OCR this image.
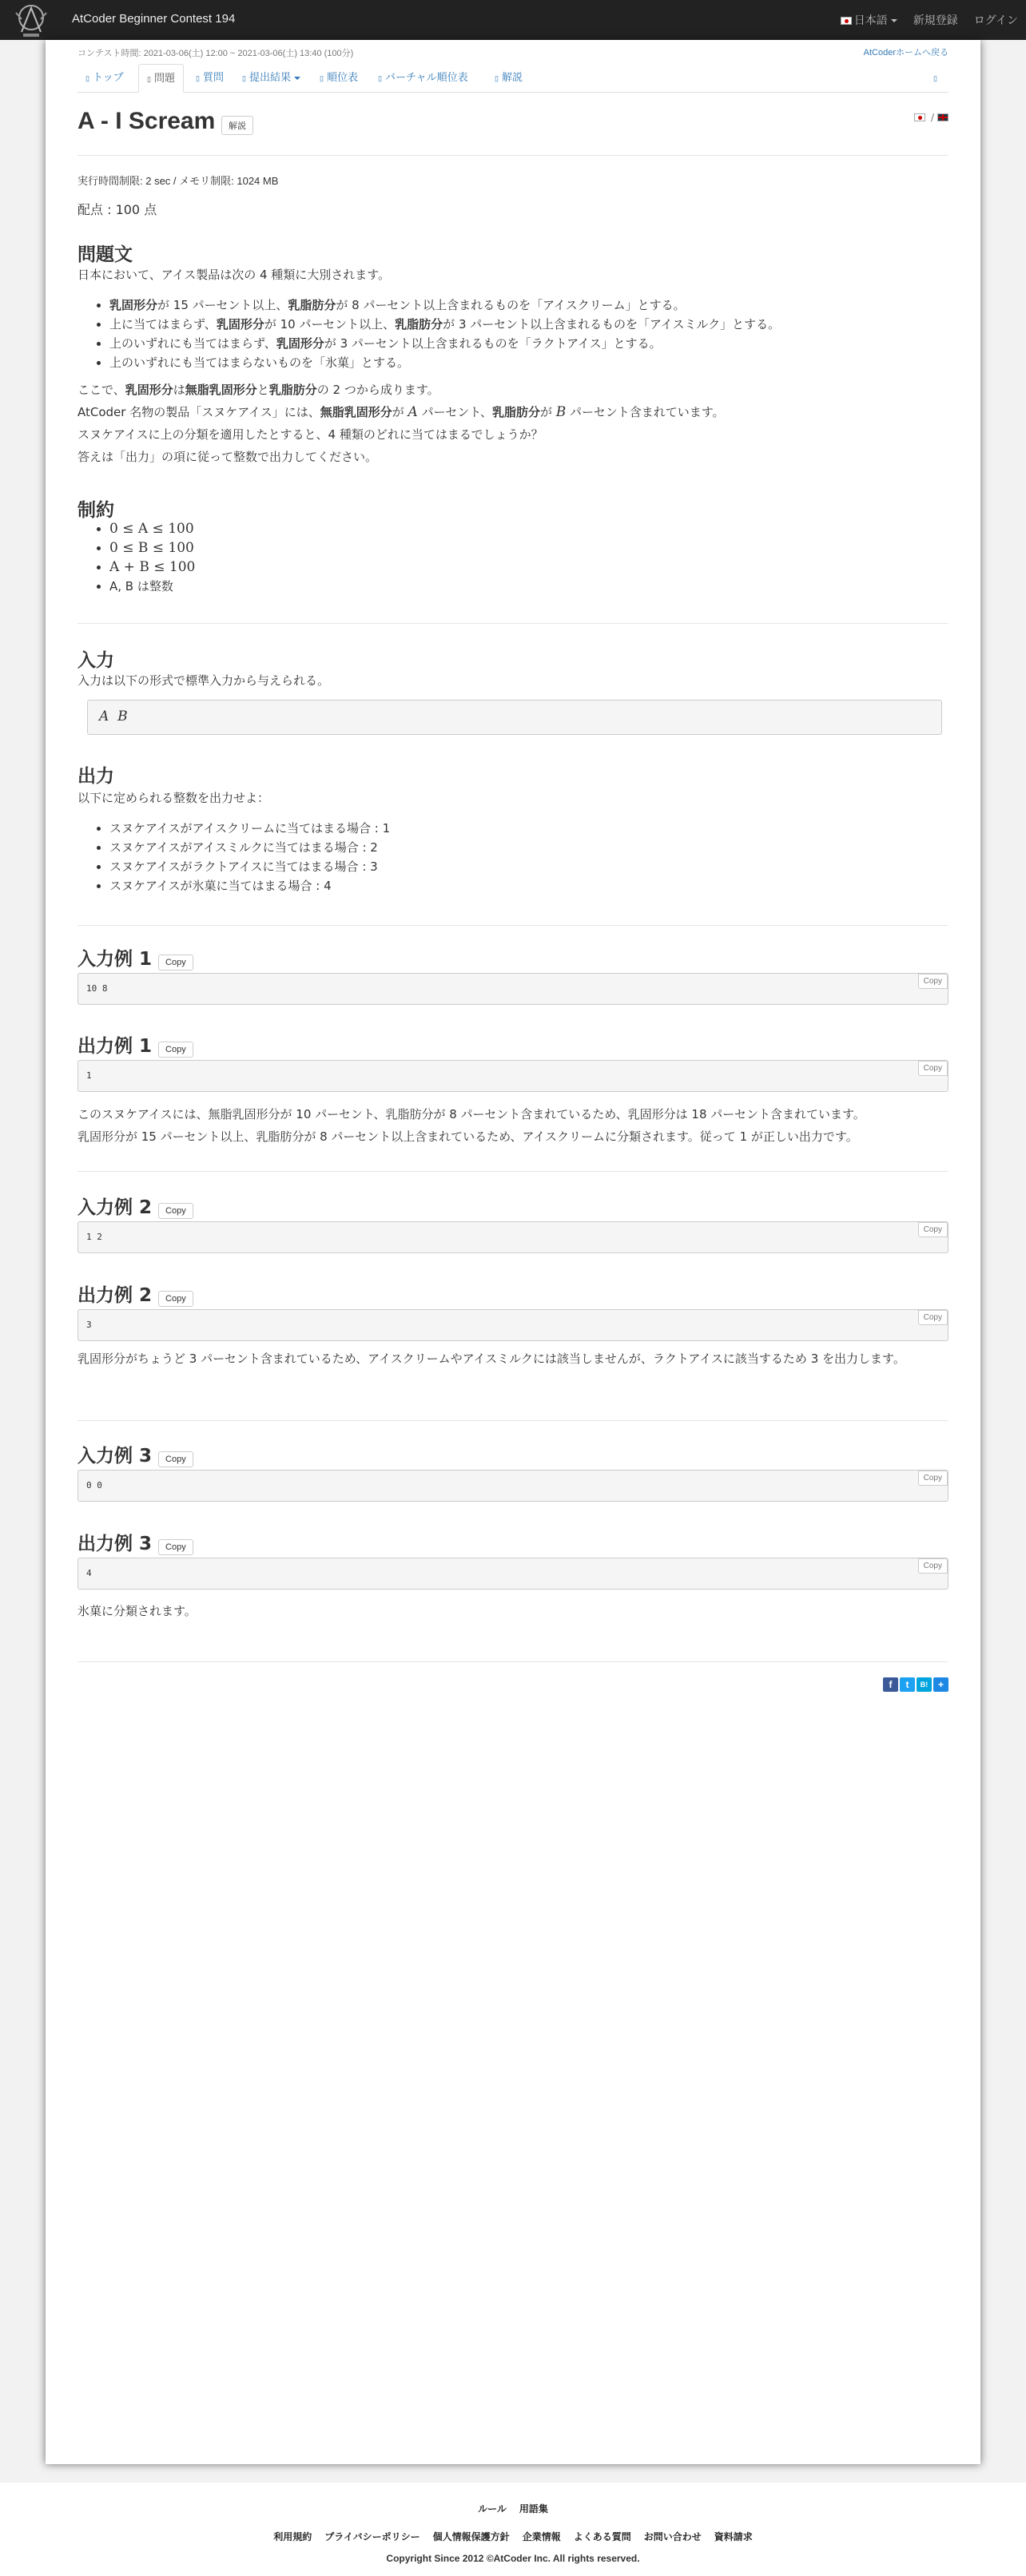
AtCoder Beginner Contest 194	日本語	新規登録 ログイン
コンテスト時間: 2021-03-06(土) 12:00 ~ 2021-03-06(土) 13:40 (100分)	AtCoderホームへ戻る
▯ トップ	▯ 問題	▯ 質問	▯ 提出結果	▯ 順位表	▯ バーチャル順位表	▯ 解説	▯
A - I Scream	解説
/
実行時間制限: 2 sec / メモリ制限: 1024 MB
配点 : 100 点
問題文
日本において、アイス製品は次の 4 種類に大別されます。
• 乳固形分が 15 パーセント以上、乳脂肪分が 8 パーセント以上含まれるものを「アイスクリーム」とする。
• 上に当てはまらず、乳固形分が 10 パーセント以上、乳脂肪分が 3 パーセント以上含まれるものを「アイスミルク」とする。
• 上のいずれにも当てはまらず、乳固形分が 3 パーセント以上含まれるものを「ラクトアイス」とする。
• 上のいずれにも当てはまらないものを「氷菓」とする。
ここで、乳固形分は無脂乳固形分と乳脂肪分の 2 つから成ります。
AtCoder 名物の製品「スヌケアイス」には、無脂乳固形分が A パーセント、乳脂肪分が B パーセント含まれています。
スヌケアイスに上の分類を適用したとすると、4 種類のどれに当てはまるでしょうか？
答えは「出力」の項に従って整数で出力してください。
制約
• 0 ≤ A ≤ 100
• 0 ≤ B ≤ 100
• A + B ≤ 100
• A, B は整数
入力
入力は以下の形式で標準入力から与えられる。
A  B
出力
以下に定められる整数を出力せよ：
• スヌケアイスがアイスクリームに当てはまる場合 : 1
• スヌケアイスがアイスミルクに当てはまる場合 : 2
• スヌケアイスがラクトアイスに当てはまる場合 : 3
• スヌケアイスが氷菓に当てはまる場合 : 4
入力例 1 Copy
10 8
Copy
出力例 1 Copy
1
Copy
このスヌケアイスには、無脂乳固形分が 10 パーセント、乳脂肪分が 8 パーセント含まれているため、乳固形分は 18 パーセント含まれています。
乳固形分が 15 パーセント以上、乳脂肪分が 8 パーセント以上含まれているため、アイスクリームに分類されます。従って 1 が正しい出力です。
入力例 2 Copy
1 2
Copy
出力例 2 Copy
乳固形分がちょうど 3 パーセント含まれているため、アイスクリームやアイスミルクには該当しませんが、ラクトアイスに該当するため 3 を出力します。
3
Copy
入力例 3 Copy
0 0
Copy
出力例 3 Copy
4
Copy
氷菓に分類されます。
f	t	B!	+
ルール 用語集
利用規約 プライバシーポリシー 個人情報保護方針 企業情報 よくある質問 お問い合わせ 資料請求
Copyright Since 2012 ©AtCoder Inc. All rights reserved.
